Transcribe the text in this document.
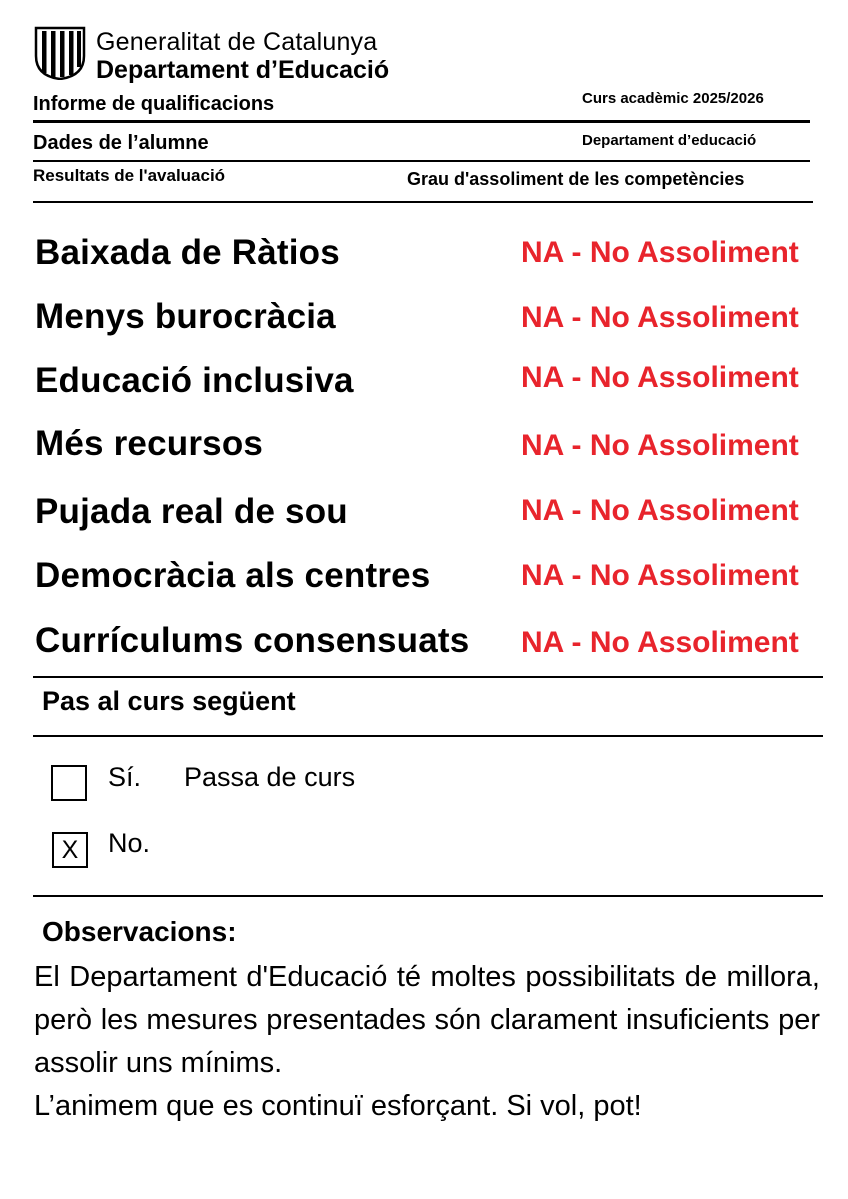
Generalitat de Catalunya
Departament d’Educació
Informe de qualificacions	Curs acadèmic 2025/2026
Dades de l’alumne	Departament d’educació
Resultats de l'avaluació	Grau d'assoliment de les competències
Baixada de Ràtios	NA - No Assoliment
Menys burocràcia	NA - No Assoliment
Educació inclusiva	NA - No Assoliment
Més recursos	NA - No Assoliment
Pujada real de sou	NA - No Assoliment
Democràcia als centres	NA - No Assoliment
Currículums consensuats NA - No Assoliment
Pas al curs següent
Sí. Passa de curs
X	No.
Observacions:

El Departament d'Educació té moltes possibilitats de millora, però les mesures presentades són clarament insuficients per assolir uns mínims.

L’animem que es continuï esforçant. Si vol, pot!
